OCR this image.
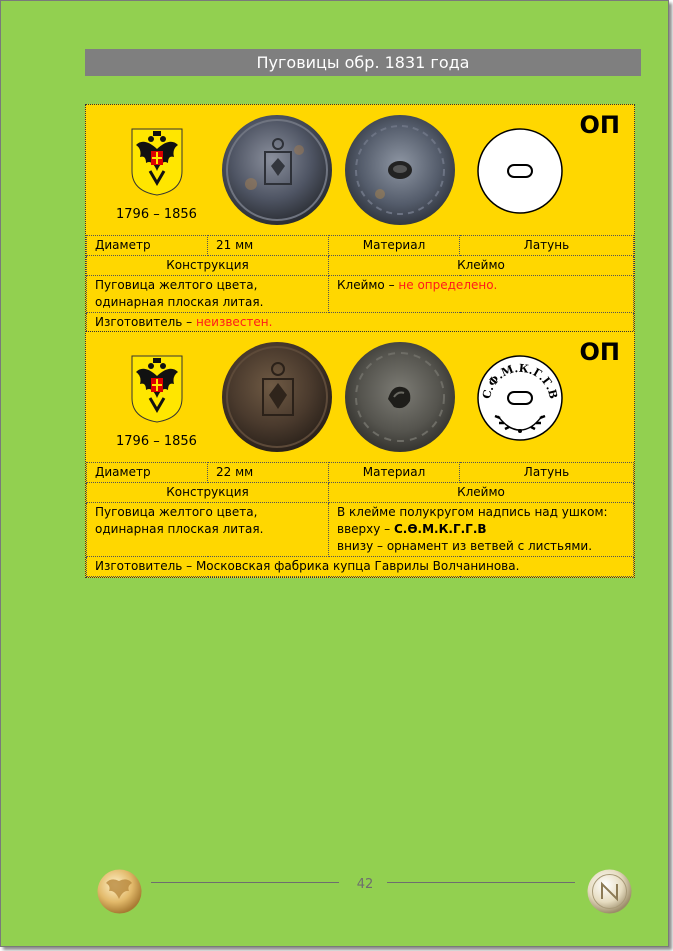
Пуговицы обр. 1831 года
1796 – 1856
ОП
Диаметр	21 мм	Материал	Латунь
Конструкция		Клеймо	
Пуговица желтого цвета, одинарная плоская литая.		Клеймо – не определено.	
Изготовитель – неизвестен.			
1796 – 1856
С.Ф.М.К.Г.Г.В
ОП
Диаметр	22 мм	Материал	Латунь
Конструкция		Клеймо	
Пуговица желтого цвета, одинарная плоская литая.		В клейме полукругом надпись над ушком:
вверху – С.Ѳ.М.К.Г.Г.В
внизу – орнамент из ветвей с листьями.	

Изготовитель – Московская фабрика купца Гаврилы Волчанинова.			
42
